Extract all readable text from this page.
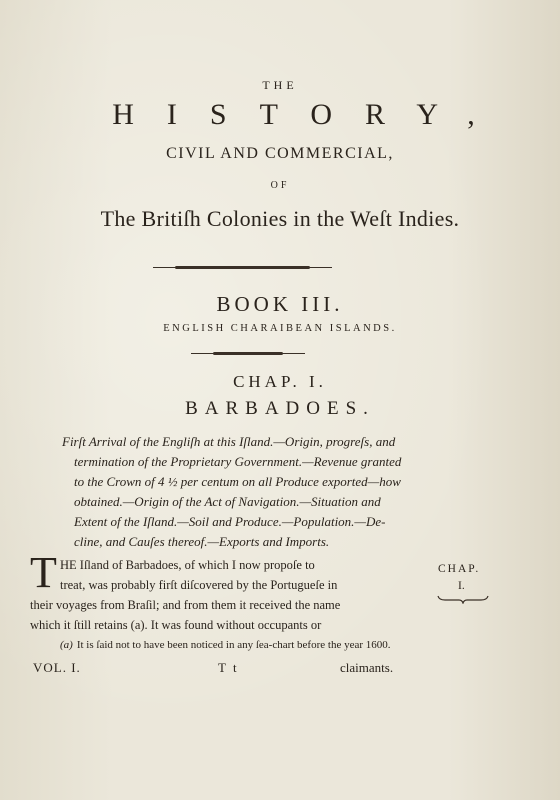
THE
HISTORY,
CIVIL AND COMMERCIAL,
OF
The Britiſh Colonies in the Weſt Indies.
BOOK III.
ENGLISH CHARAIBEAN ISLANDS.
CHAP. I.
BARBADOES.

Firſt Arrival of the Engliſh at this Iſland.—Origin, progreſs, and
termination of the Proprietary Government.—Revenue granted
to the Crown of 4 ½ per centum on all Produce exported—how
obtained.—Origin of the Act of Navigation.—Situation and
Extent of the Iſland.—Soil and Produce.—Population.—De-
cline, and Cauſes thereof.—Exports and Imports.

T HE Iſland of Barbadoes, of which I now propoſe to
treat, was probably firſt diſcovered by the Portugueſe in
their voyages from Braſil; and from them it received the name
which it ſtill retains (a). It was found without occupants or

CHAP.
I.
(a) It is ſaid not to have been noticed in any ſea-chart before the year 1600.
VOL. I.	T t	claimants.
